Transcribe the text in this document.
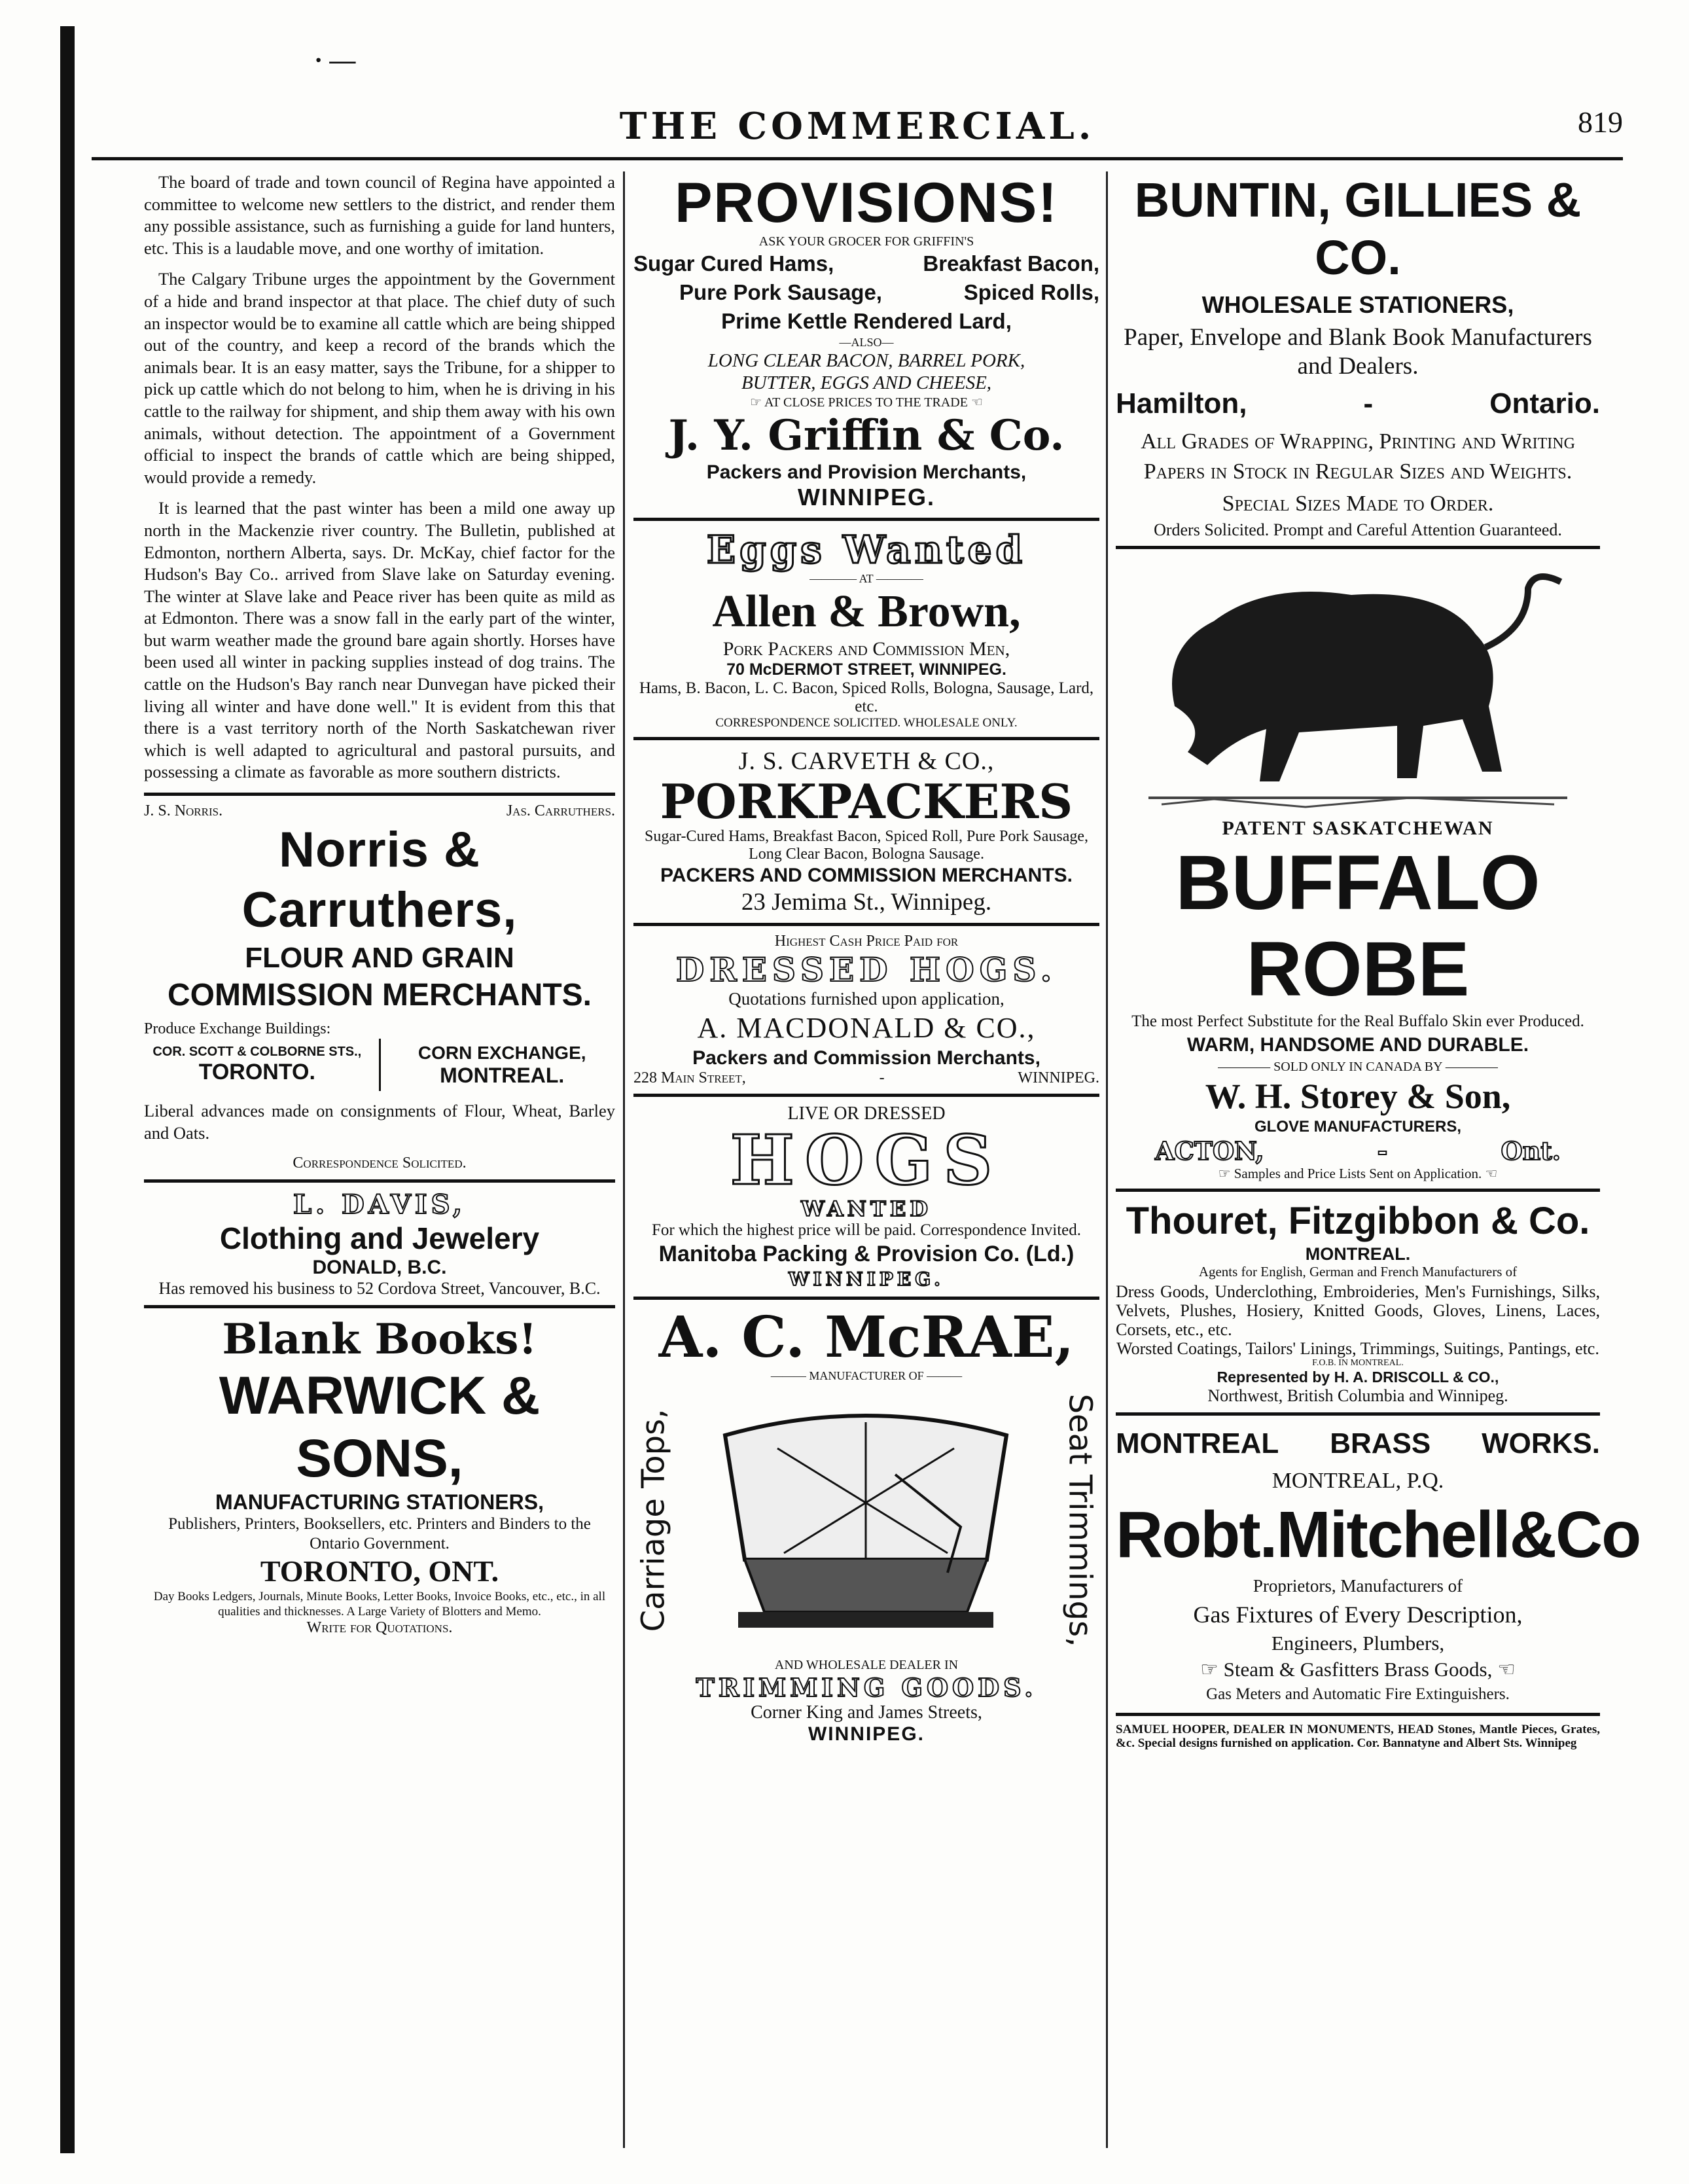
· —
THE COMMERCIAL.	819

The board of trade and town council of Regina have appointed a committee to welcome new settlers to the district, and render them any possible assistance, such as furnishing a guide for land hunters, etc. This is a laudable move, and one worthy of imitation.

The Calgary Tribune urges the appointment by the Government of a hide and brand inspector at that place. The chief duty of such an inspector would be to examine all cattle which are being shipped out of the country, and keep a record of the brands which the animals bear. It is an easy matter, says the Tribune, for a shipper to pick up cattle which do not belong to him, when he is driving in his cattle to the railway for shipment, and ship them away with his own animals, without detection. The appointment of a Government official to inspect the brands of cattle which are being shipped, would provide a remedy.

It is learned that the past winter has been a mild one away up north in the Mackenzie river country. The Bulletin, published at Edmonton, northern Alberta, says. Dr. McKay, chief factor for the Hudson's Bay Co.. arrived from Slave lake on Saturday evening. The winter at Slave lake and Peace river has been quite as mild as at Edmonton. There was a snow fall in the early part of the winter, but warm weather made the ground bare again shortly. Horses have been used all winter in packing supplies instead of dog trains. The cattle on the Hudson's Bay ranch near Dunvegan have picked their living all winter and have done well." It is evident from this that there is a vast territory north of the North Saskatchewan river which is well adapted to agricultural and pastoral pursuits, and possessing a climate as favorable as more southern districts.

J. S. Norris.	Jas. Carruthers.
Norris & Carruthers,
FLOUR AND GRAIN
COMMISSION MERCHANTS.
Produce Exchange Buildings:
COR. SCOTT & COLBORNE STS.,
TORONTO.
CORN EXCHANGE,
MONTREAL.
Liberal advances made on consignments of Flour, Wheat, Barley and Oats.
Correspondence Solicited.
L. DAVIS,
Clothing and Jewelery
DONALD, B.C.
Has removed his business to 52 Cordova Street, Vancouver, B.C.
Blank Books!
WARWICK & SONS,
MANUFACTURING STATIONERS,
Publishers, Printers, Booksellers, etc. Printers and Binders to the Ontario Government.
TORONTO, ONT.
Day Books Ledgers, Journals, Minute Books, Letter Books, Invoice Books, etc., etc., in all qualities and thicknesses. A Large Variety of Blotters and Memo.
Write for Quotations.
PROVISIONS!
ASK YOUR GROCER FOR GRIFFIN'S
Sugar Cured Hams,	Breakfast Bacon,
Pure Pork Sausage,	Spiced Rolls,
Prime Kettle Rendered Lard,
—ALSO—
LONG CLEAR BACON, BARREL PORK,
BUTTER, EGGS AND CHEESE,
☞ AT CLOSE PRICES TO THE TRADE ☜
J. Y. Griffin & Co.
Packers and Provision Merchants,
WINNIPEG.
Eggs Wanted
———— AT ————
Allen & Brown,
Pork Packers and Commission Men,
70 McDERMOT STREET, WINNIPEG.
Hams, B. Bacon, L. C. Bacon, Spiced Rolls, Bologna, Sausage, Lard, etc.
CORRESPONDENCE SOLICITED. WHOLESALE ONLY.
J. S. CARVETH & CO.,
PORKPACKERS
Sugar-Cured Hams, Breakfast Bacon, Spiced Roll, Pure Pork Sausage, Long Clear Bacon, Bologna Sausage.
PACKERS AND COMMISSION MERCHANTS.
23 Jemima St., Winnipeg.
Highest Cash Price Paid for
DRESSED HOGS.
Quotations furnished upon application,
A. MACDONALD & CO.,
Packers and Commission Merchants,
228 Main Street,	-	WINNIPEG.
LIVE OR DRESSED
HOGS
WANTED
For which the highest price will be paid. Correspondence Invited.
Manitoba Packing & Provision Co. (Ld.)
WINNIPEG.
A. C. McRAE,
——— MANUFACTURER OF ———
Carriage Tops,	Seat Trimmings,
AND WHOLESALE DEALER IN
TRIMMING GOODS.
Corner King and James Streets,
WINNIPEG.
BUNTIN, GILLIES & CO.
WHOLESALE STATIONERS,
Paper, Envelope and Blank Book Manufacturers and Dealers.
Hamilton,	-	Ontario.
All Grades of Wrapping, Printing and Writing Papers in Stock in Regular Sizes and Weights.
Special Sizes Made to Order.
Orders Solicited. Prompt and Careful Attention Guaranteed.
PATENT SASKATCHEWAN
BUFFALO ROBE
The most Perfect Substitute for the Real Buffalo Skin ever Produced.
WARM, HANDSOME AND DURABLE.
———— SOLD ONLY IN CANADA BY ————
W. H. Storey & Son,
GLOVE MANUFACTURERS,
ACTON,	-	Ont.
☞ Samples and Price Lists Sent on Application. ☜
Thouret, Fitzgibbon & Co.
MONTREAL.
Agents for English, German and French Manufacturers of
Dress Goods, Underclothing, Embroideries, Men's Furnishings, Silks, Velvets, Plushes, Hosiery, Knitted Goods, Gloves, Linens, Laces, Corsets, etc., etc.
Worsted Coatings, Tailors' Linings, Trimmings, Suitings, Pantings, etc.
F.O.B. IN MONTREAL.
Represented by H. A. DRISCOLL & CO.,
Northwest, British Columbia and Winnipeg.
MONTREAL BRASS WORKS.
MONTREAL, P.Q.
Robt.Mitchell&Co
Proprietors, Manufacturers of
Gas Fixtures of Every Description,
Engineers, Plumbers,
☞ Steam & Gasfitters Brass Goods, ☜
Gas Meters and Automatic Fire Extinguishers.
SAMUEL HOOPER, DEALER IN MONUMENTS, HEAD Stones, Mantle Pieces, Grates, &c. Special designs furnished on application. Cor. Bannatyne and Albert Sts. Winnipeg
